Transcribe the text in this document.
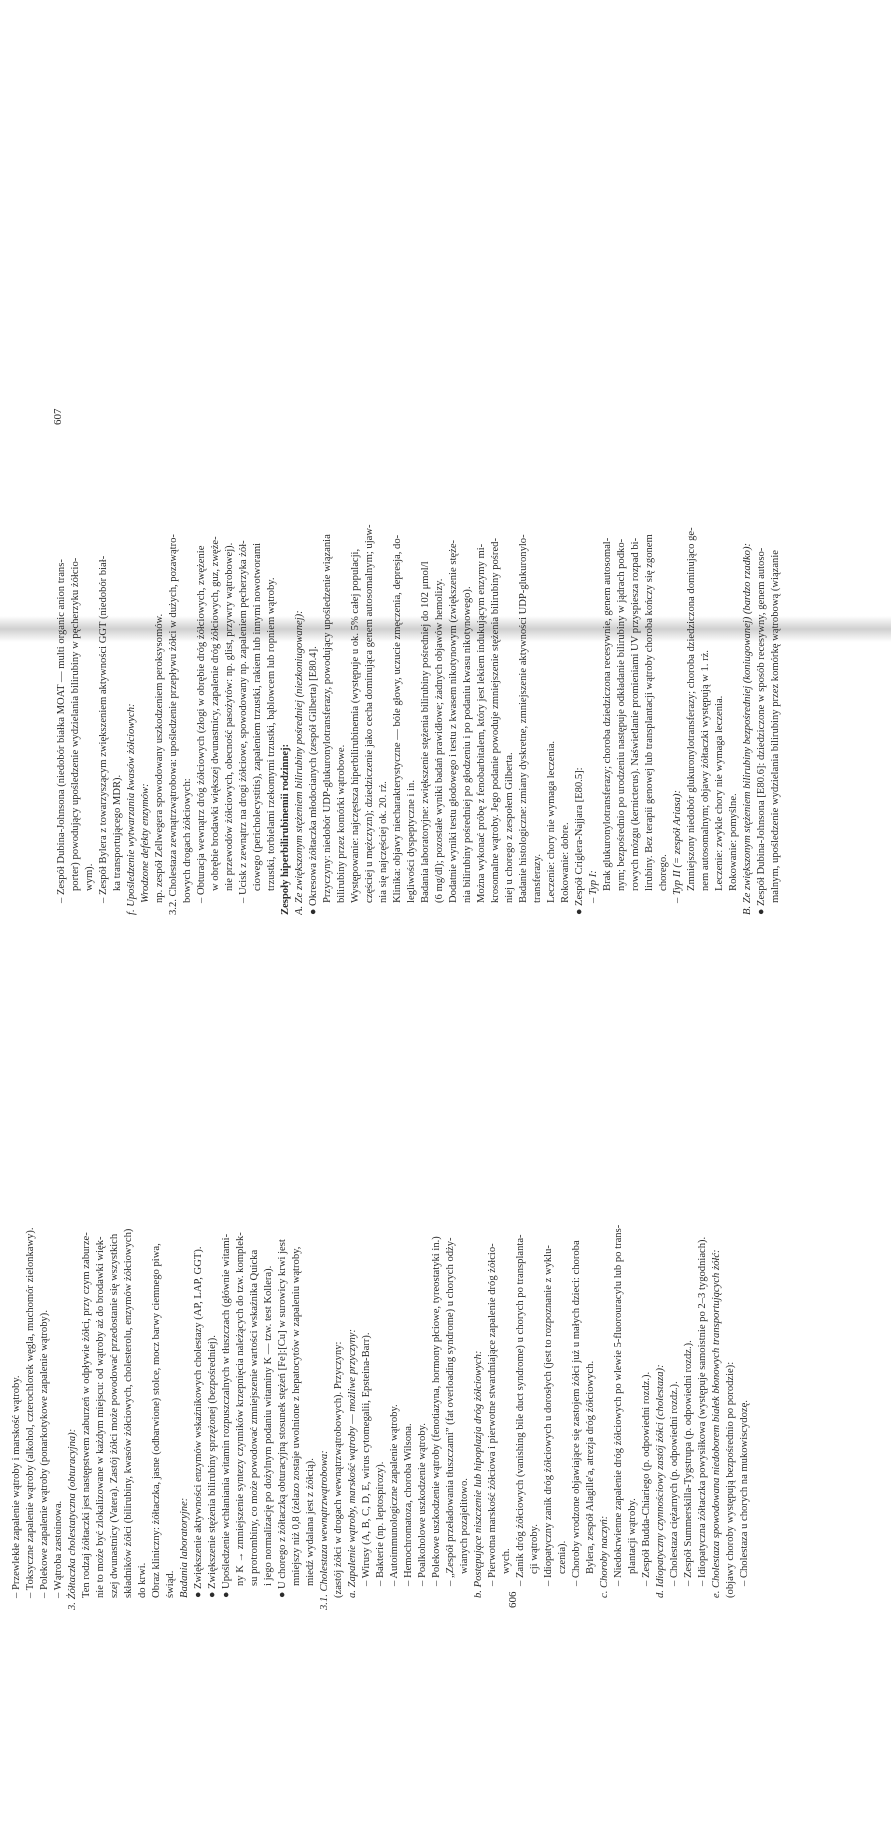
– Przewlekłe zapalenie wątroby i marskość wątroby. – Toksyczne zapalenie wątroby (alkohol, czterochlorek węgla, muchomór zielonkawy). – Polekowe zapalenie wątroby (ponarkotykowe zapalenie wątroby). – Wątroba zastoinowa. 3. Żółtaczka cholestatyczna (obturacyjna): Ten rodzaj żółtaczki jest następstwem zaburzeń w odpływie żółci, przy czym zaburze- nie to może być zlokalizowane w każdym miejscu: od wątroby aż do brodawki więk- szej dwunastnicy (Vatera). Zastój żółci może powodować przedostanie się wszystkich składników żółci (bilirubiny, kwasów żółciowych, cholesterolu, enzymów żółciowych) do krwi. Obraz kliniczny: żółtaczka, jasne (odbarwione) stolce, mocz barwy ciemnego piwa, świąd. Badania laboratoryjne: ● Zwiększenie aktywności enzymów wskaźnikowych cholestazy (AP, LAP, GGT). ● Zwiększenie stężenia bilirubiny sprzężonej (bezpośredniej). ● Upośledzenie wchłaniania witamin rozpuszczalnych w tłuszczach (głównie witami- ny K → zmniejszenie syntezy czynników krzepnięcia należących do tzw. komplek- su protrombiny, co może powodować zmniejszenie wartości wskaźnika Quicka i jego normalizację po dożylnym podaniu witaminy K — tzw. test Kollera). ● U chorego z żółtaczką obturacyjną stosunek stężeń [Fe]:[Cu] w surowicy krwi jest mniejszy niż 0,8 (żelazo zostaje uwolnione z hepatocytów w zapaleniu wątroby, miedź wydalana jest z żółcią). 3.1. Cholestaza wewnątrzwątrobowa: (zastój żółci w drogach wewnątrzwątrobowych). Przyczyny: a. Zapalenie wątroby, marskość wątroby — możliwe przyczyny: – Wirusy (A, B, C, D, E, wirus cytomegalii, Epsteina-Barr). – Bakterie (np. leptospirozy). – Autoimmunologiczne zapalenie wątroby. – Hemochromatoza, choroba Wilsona. – Poalkoholowe uszkodzenie wątroby. – Polekowe uszkodzenie wątroby (fenotiazyna, hormony płciowe, tyreostatyki in.) – „Zespół przeładowania tłuszczami” (fat overloading syndrome) u chorych odży- wianych pozajelitowo. b. Postępujące niszczenie lub hipoplazja dróg żółciowych: – Pierwotna marskość żółciowa i pierwotne stwardniające zapalenie dróg żółcio- wych. – Zanik dróg żółciowych (vanishing bile duct syndrome) u chorych po transplanta- cji wątroby. – Idiopatyczny zanik dróg żółciowych u dorosłych (jest to rozpoznanie z wyklu- czenia). – Choroby wrodzone objawiające się zastojem żółci już u małych dzieci: choroba Bylera, zespół Alagille'a, atrezja dróg żółciowych. c. Choroby naczyń: – Niedokrwienne zapalenie dróg żółciowych po wlewie 5-fluorouracylu lub po trans- plantacji wątroby. – Zespół Budda-Chiariego (p. odpowiedni rozdz.). d. Idiopatyczny czynnościowy zastój żółci (cholestaza): – Cholestaza ciężarnych (p. odpowiedni rozdz.). – Zespół Summerskilla-Tygstrupa (p. odpowiedni rozdz.). – Idiopatyczna żółtaczka powysiłkowa (występuje samoistnie po 2–3 tygodniach). e. Cholestaza spowodowana niedoborem białek błonowych transportujących żółć: (objawy choroby występują bezpośrednio po porodzie): – Cholestaza u chorych na mukowiscydozę.
606
– Zespół Dubina-Johnsona (niedobór białka MOAT — multi organic anion trans- porter) powodujący upośledzenie wydzielania bilirubiny w pęcherzyku żółcio- wym). – Zespół Bylera z towarzyszącym zwiększeniem aktywności GGT (niedobór biał- ka transportującego MDR). f. Upośledzenie wytwarzania kwasów żółciowych: Wrodzone defekty enzymów: np. zespół Zellwegera spowodowany uszkodzeniem peroksysomów. 3.2. Cholestaza zewnątrzwątrobowa: upośledzenie przepływu żółci w dużych, pozawątro- bowych drogach żółciowych: – Obturacja wewnątrz dróg żółciowych (złogi w obrębie dróg żółciowych, zwężenie w obrębie brodawki większej dwunastnicy, zapalenie dróg żółciowych, guz, zwęże- nie przewodów żółciowych, obecność pasożytów: np. glist, przywry wątrobowej). – Ucisk z zewnątrz na drogi żółciowe, spowodowany np. zapaleniem pęcherzyka żół- ciowego (pericholecystitis), zapaleniem trzustki, rakiem lub innymi nowotworami trzustki, torbielami rzekomymi trzustki, bąblowcem lub ropniem wątroby. Zespoły hiperbilirubinemii rodzinnej: A. Ze zwiększonym stężeniem bilirubiny pośredniej (niezkoniugowanej): ● Okresowa żółtaczka młodocianych (zespół Gilberta) [E80.4]. Przyczyny: niedobór UDP-glukuronylotransferazy, powodujący upośledzenie wiązania bilirubiny przez komórki wątrobowe. Występowanie: najczęstsza hiperbilirubinemia (występuje u ok. 5% całej populacji, częściej u mężczyzn); dziedziczenie jako cecha dominująca genem autosomalnym; ujaw- nia się najczęściej ok. 20. rż. Klinika: objawy niecharakterystyczne — bóle głowy, uczucie zmęczenia, depresja, do- legliwości dyspeptyczne i in. Badania laboratoryjne: zwiększenie stężenia bilirubiny pośredniej do 102 μmol/l (6 mg/dl); pozostałe wyniki badań prawidłowe; żadnych objawów hemolizy. Dodatnie wyniki testu głodowego i testu z kwasem nikotynowym (zwiększenie stęże- nia bilirubiny pośredniej po głodzeniu i po podaniu kwasu nikotynowego). Można wykonać próbę z fenobarbitalem, który jest lekiem indukującym enzymy mi- krosomalne wątroby. Jego podanie powoduje zmniejszenie stężenia bilirubiny pośred- niej u chorego z zespołem Gilberta. Badanie histologiczne: zmiany dyskretne, zmniejszenie aktywności UDP-glukuronylo- transferazy. Leczenie: chory nie wymaga leczenia. Rokowanie: dobre. ● Zespół Criglera-Najjara [E80.5]: – Typ I: Brak glukuronylotransferazy; choroba dziedziczona recesywnie, genem autosomal- nym; bezpośrednio po urodzeniu następuje odkładanie bilirubiny w jądrach podko- rowych mózgu (kernicterus). Naświetlanie promieniami UV przyspiesza rozpad bi- lirubiny. Bez terapii genowej lub transplantacji wątroby choroba kończy się zgonem chorego. – Typ II (= zespół Ariasa): Zmniejszony niedobór glukuronylotransferazy; choroba dziedziczona dominująco ge- nem autosomalnym; objawy żółtaczki występują w 1. rż. Leczenie: zwykle chory nie wymaga leczenia. Rokowanie: pomyślne. B. Ze zwiększonym stężeniem bilirubiny bezpośredniej (koniugowanej) (bardzo rzadko): ● Zespół Dubina-Johnsona [E80.6]: dziedziczone w sposób recesywny, genem autoso- malnym, upośledzenie wydzielania bilirubiny przez komórkę wątrobową (wiązanie
607
